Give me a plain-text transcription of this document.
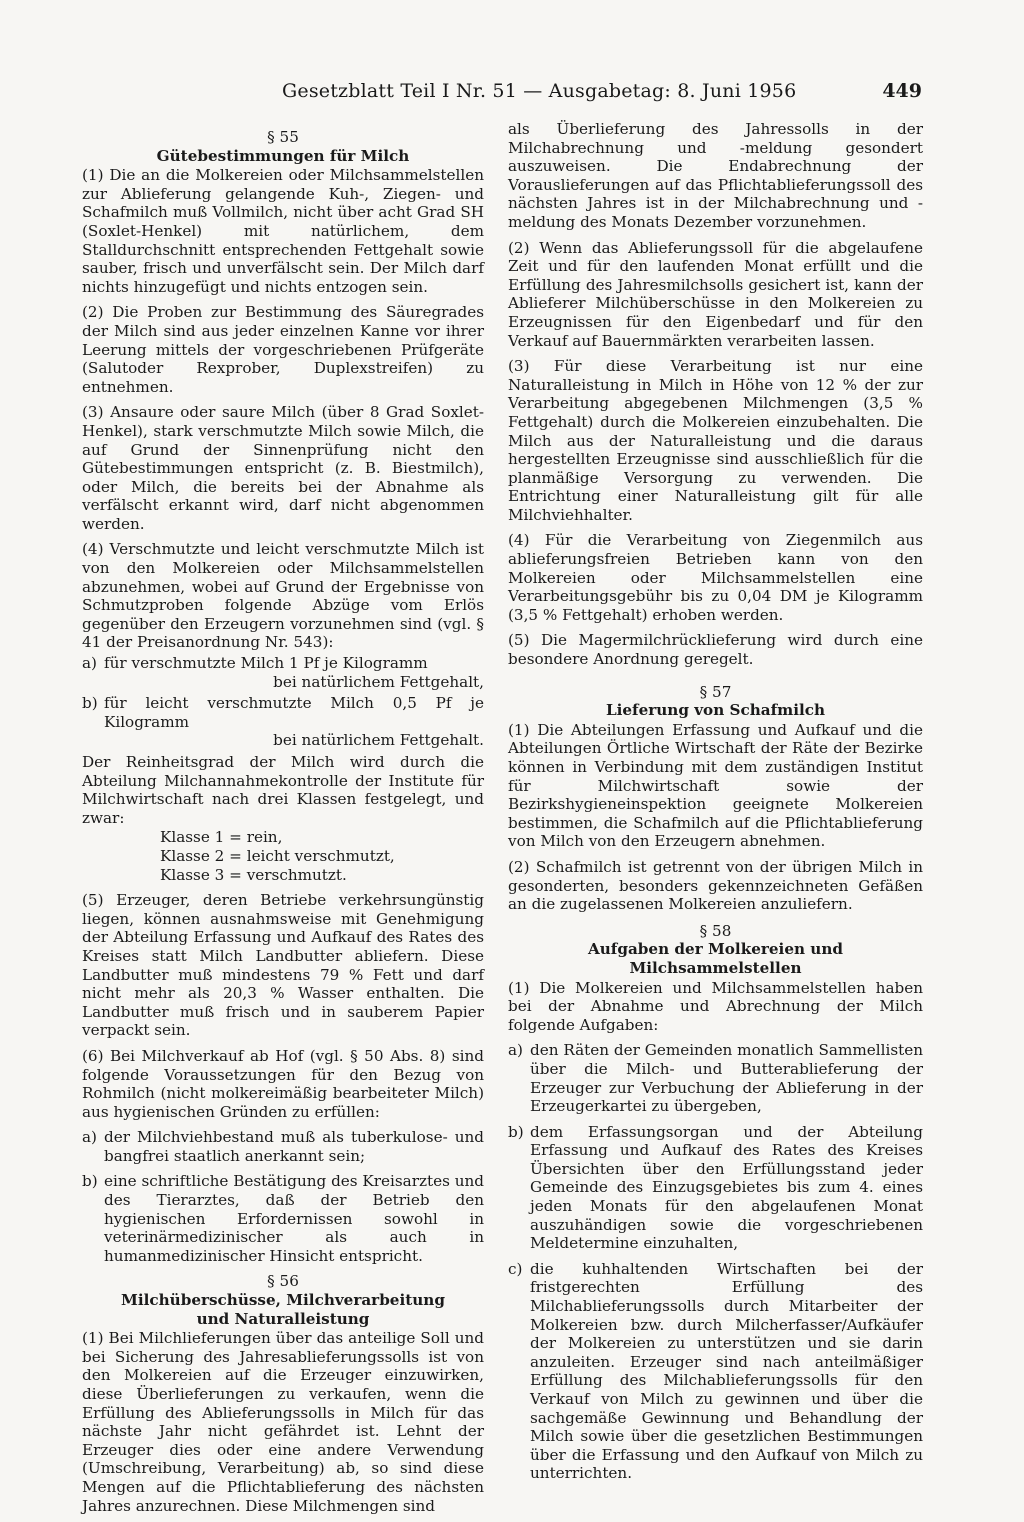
Gesetzblatt Teil I Nr. 51 — Ausgabetag: 8. Juni 1956	449
§ 55
Gütebestimmungen für Milch

(1) Die an die Molkereien oder Milchsammelstellen zur Ablieferung gelangende Kuh-, Ziegen- und Schafmilch muß Vollmilch, nicht über acht Grad SH (Soxlet-Henkel) mit natürlichem, dem Stalldurchschnitt entsprechenden Fettgehalt sowie sauber, frisch und unverfälscht sein. Der Milch darf nichts hinzugefügt und nichts entzogen sein.

(2) Die Proben zur Bestimmung des Säuregrades der Milch sind aus jeder einzelnen Kanne vor ihrer Leerung mittels der vorgeschriebenen Prüfgeräte (Salutoder Rexprober, Duplexstreifen) zu entnehmen.

(3) Ansaure oder saure Milch (über 8 Grad Soxlet-Henkel), stark verschmutzte Milch sowie Milch, die auf Grund der Sinnenprüfung nicht den Gütebestimmungen entspricht (z. B. Biestmilch), oder Milch, die bereits bei der Abnahme als verfälscht erkannt wird, darf nicht abgenommen werden.

(4) Verschmutzte und leicht verschmutzte Milch ist von den Molkereien oder Milchsammelstellen abzunehmen, wobei auf Grund der Ergebnisse von Schmutzproben folgende Abzüge vom Erlös gegenüber den Erzeugern vorzunehmen sind (vgl. § 41 der Preisanordnung Nr. 543):

a) für verschmutzte Milch 1 Pf je Kilogramm
bei natürlichem Fettgehalt,
b) für leicht verschmutzte Milch 0,5 Pf je Kilogramm
bei natürlichem Fettgehalt.

Der Reinheitsgrad der Milch wird durch die Abteilung Milchannahmekontrolle der Institute für Milchwirtschaft nach drei Klassen festgelegt, und zwar:

Klasse 1 = rein,
Klasse 2 = leicht verschmutzt,
Klasse 3 = verschmutzt.

(5) Erzeuger, deren Betriebe verkehrsungünstig liegen, können ausnahmsweise mit Genehmigung der Abteilung Erfassung und Aufkauf des Rates des Kreises statt Milch Landbutter abliefern. Diese Landbutter muß mindestens 79 % Fett und darf nicht mehr als 20,3 % Wasser enthalten. Die Landbutter muß frisch und in sauberem Papier verpackt sein.

(6) Bei Milchverkauf ab Hof (vgl. § 50 Abs. 8) sind folgende Voraussetzungen für den Bezug von Rohmilch (nicht molkereimäßig bearbeiteter Milch) aus hygienischen Gründen zu erfüllen:

a) der Milchviehbestand muß als tuberkulose- und bangfrei staatlich anerkannt sein;
b) eine schriftliche Bestätigung des Kreisarztes und des Tierarztes, daß der Betrieb den hygienischen Erfordernissen sowohl in veterinärmedizinischer als auch in humanmedizinischer Hinsicht entspricht.
§ 56
Milchüberschüsse, Milchverarbeitung
und Naturalleistung

(1) Bei Milchlieferungen über das anteilige Soll und bei Sicherung des Jahresablieferungssolls ist von den Molkereien auf die Erzeuger einzuwirken, diese Überlieferungen zu verkaufen, wenn die Erfüllung des Ablieferungssolls in Milch für das nächste Jahr nicht gefährdet ist. Lehnt der Erzeuger dies oder eine andere Verwendung (Umschreibung, Verarbeitung) ab, so sind diese Mengen auf die Pflichtablieferung des nächsten Jahres anzurechnen. Diese Milchmengen sind

als Überlieferung des Jahressolls in der Milchabrechnung und -meldung gesondert auszuweisen. Die Endabrechnung der Vorauslieferungen auf das Pflichtablieferungssoll des nächsten Jahres ist in der Milchabrechnung und -meldung des Monats Dezember vorzunehmen.

(2) Wenn das Ablieferungssoll für die abgelaufene Zeit und für den laufenden Monat erfüllt und die Erfüllung des Jahresmilchsolls gesichert ist, kann der Ablieferer Milchüberschüsse in den Molkereien zu Erzeugnissen für den Eigenbedarf und für den Verkauf auf Bauernmärkten verarbeiten lassen.

(3) Für diese Verarbeitung ist nur eine Naturalleistung in Milch in Höhe von 12 % der zur Verarbeitung abgegebenen Milchmengen (3,5 % Fettgehalt) durch die Molkereien einzubehalten. Die Milch aus der Naturalleistung und die daraus hergestellten Erzeugnisse sind ausschließlich für die planmäßige Versorgung zu verwenden. Die Entrichtung einer Naturalleistung gilt für alle Milchviehhalter.

(4) Für die Verarbeitung von Ziegenmilch aus ablieferungsfreien Betrieben kann von den Molkereien oder Milchsammelstellen eine Verarbeitungsgebühr bis zu 0,04 DM je Kilogramm (3,5 % Fettgehalt) erhoben werden.

(5) Die Magermilchrücklieferung wird durch eine besondere Anordnung geregelt.

§ 57
Lieferung von Schafmilch

(1) Die Abteilungen Erfassung und Aufkauf und die Abteilungen Örtliche Wirtschaft der Räte der Bezirke können in Verbindung mit dem zuständigen Institut für Milchwirtschaft sowie der Bezirkshygieneinspektion geeignete Molkereien bestimmen, die Schafmilch auf die Pflichtablieferung von Milch von den Erzeugern abnehmen.

(2) Schafmilch ist getrennt von der übrigen Milch in gesonderten, besonders gekennzeichneten Gefäßen an die zugelassenen Molkereien anzuliefern.

§ 58
Aufgaben der Molkereien und Milchsammelstellen

(1) Die Molkereien und Milchsammelstellen haben bei der Abnahme und Abrechnung der Milch folgende Aufgaben:

a) den Räten der Gemeinden monatlich Sammellisten über die Milch- und Butterablieferung der Erzeuger zur Verbuchung der Ablieferung in der Erzeugerkartei zu übergeben,
b) dem Erfassungsorgan und der Abteilung Erfassung und Aufkauf des Rates des Kreises Übersichten über den Erfüllungsstand jeder Gemeinde des Einzugsgebietes bis zum 4. eines jeden Monats für den abgelaufenen Monat auszuhändigen sowie die vorgeschriebenen Meldetermine einzuhalten,
c) die kuhhaltenden Wirtschaften bei der fristgerechten Erfüllung des Milchablieferungssolls durch Mitarbeiter der Molkereien bzw. durch Milcherfasser/Aufkäufer der Molkereien zu unterstützen und sie darin anzuleiten. Erzeuger sind nach anteilmäßiger Erfüllung des Milchablieferungssolls für den Verkauf von Milch zu gewinnen und über die sachgemäße Gewinnung und Behandlung der Milch sowie über die gesetzlichen Bestimmungen über die Erfassung und den Aufkauf von Milch zu unterrichten.
